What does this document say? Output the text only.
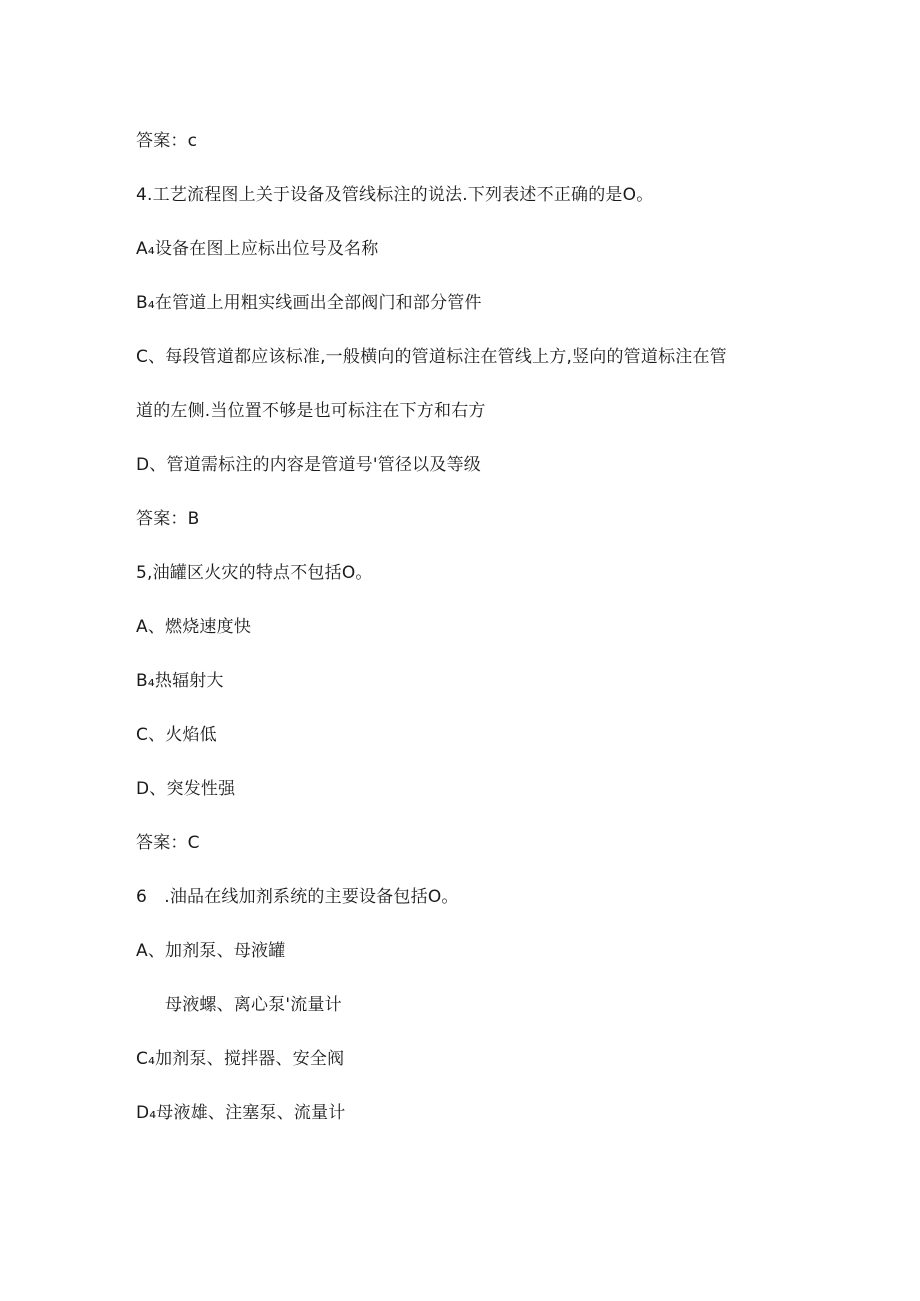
答案：c
4.工艺流程图上关于设备及管线标注的说法.下列表述不正确的是O。
A₄设备在图上应标出位号及名称
B₄在管道上用粗实线画出全部阀门和部分管件
C、每段管道都应该标准,一般横向的管道标注在管线上方,竖向的管道标注在管
道的左侧.当位置不够是也可标注在下方和右方
D、管道需标注的内容是管道号'管径以及等级
答案：B
5,油罐区火灾的特点不包括O。
A、燃烧速度快
B₄热辐射大
C、火焰低
D、突发性强
答案：C
6　.油品在线加剂系统的主要设备包括O。
A、加剂泵、母液罐
母液螺、离心泵'流量计
C₄加剂泵、搅拌器、安全阀
D₄母液雄、注塞泵、流量计
